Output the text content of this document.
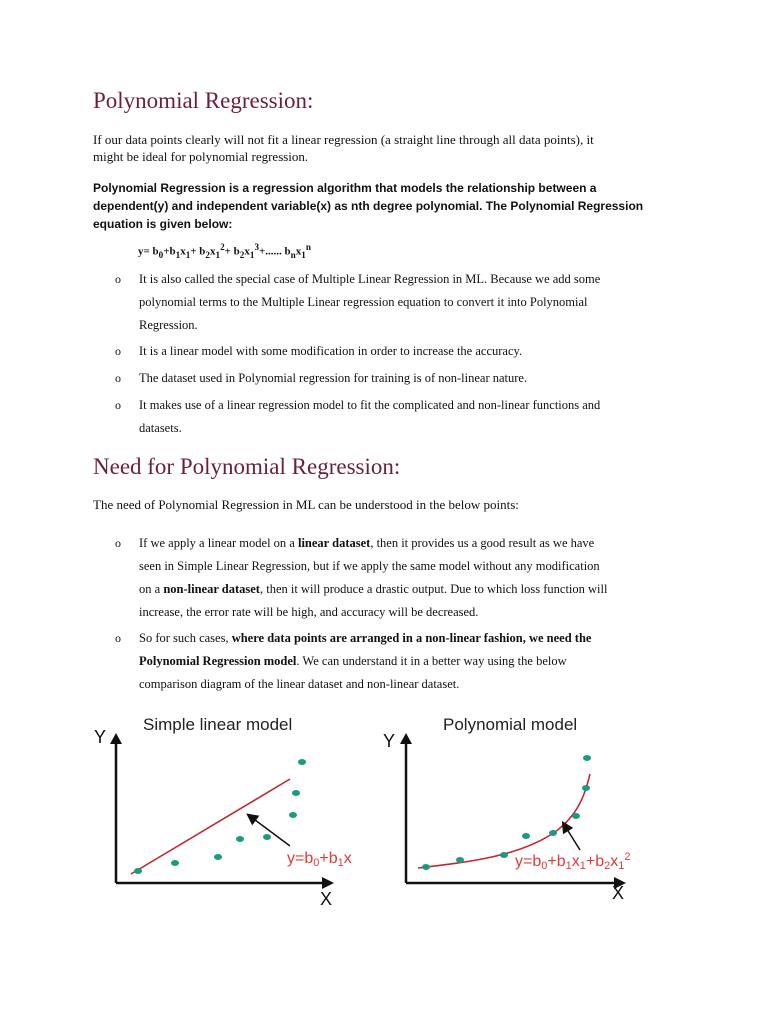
Polynomial Regression:
If our data points clearly will not fit a linear regression (a straight line through all data points), it
might be ideal for polynomial regression.
Polynomial Regression is a regression algorithm that models the relationship between a
dependent(y) and independent variable(x) as nth degree polynomial. The Polynomial Regression
equation is given below:
$y= b_0+b_1x_1+ b_2x_1^2+ b_2x_1^3+$...... $b_nx_1^n$
o It is also called the special case of Multiple Linear Regression in ML. Because we add some
polynomial terms to the Multiple Linear regression equation to convert it into Polynomial
Regression.
o It is a linear model with some modification in order to increase the accuracy.
o The dataset used in Polynomial regression for training is of non-linear nature.
o It makes use of a linear regression model to fit the complicated and non-linear functions and
datasets.
Need for Polynomial Regression:
The need of Polynomial Regression in ML can be understood in the below points:
o If we apply a linear model on a linear dataset, then it provides us a good result as we have
seen in Simple Linear Regression, but if we apply the same model without any modification
on a non-linear dataset, then it will produce a drastic output. Due to which loss function will
increase, the error rate will be high, and accuracy will be decreased.
o So for such cases, where data points are arranged in a non-linear fashion, we need the
Polynomial Regression model. We can understand it in a better way using the below
comparison diagram of the linear dataset and non-linear dataset.
Simple linear model	Polynomial model
Y
X
y=b0+b1x
Y
X
$y=b0+b1x1+b2x1^2$
